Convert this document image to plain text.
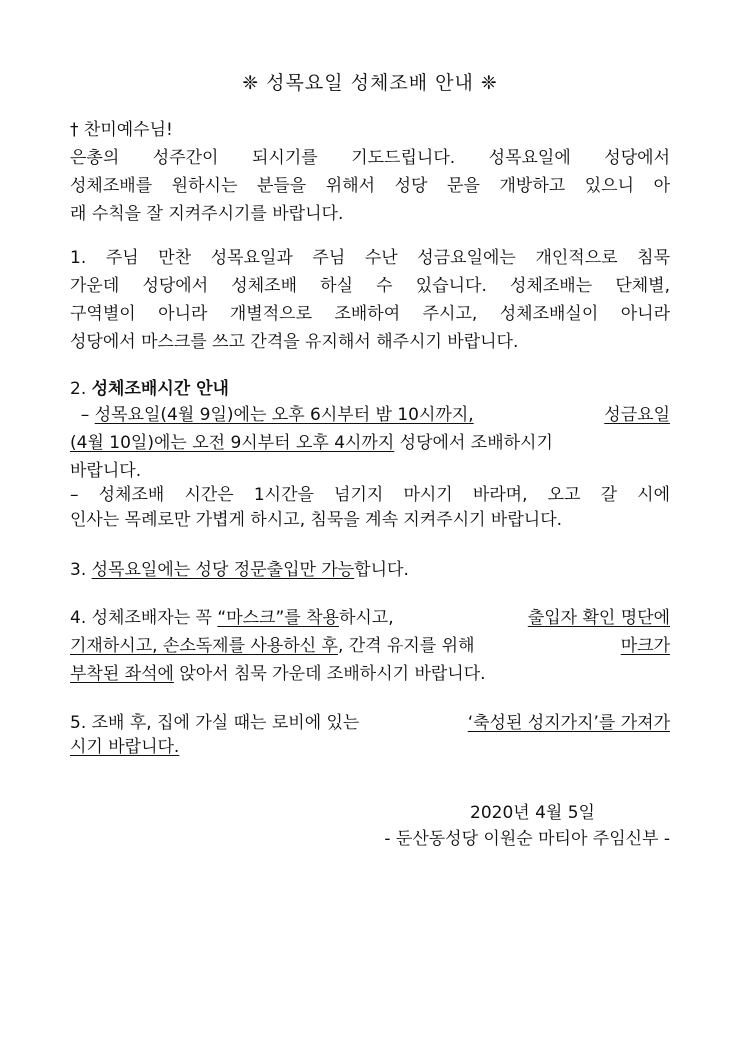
❈ 성목요일 성체조배 안내 ❈
† 찬미예수님!
은총의 성주간이 되시기를 기도드립니다. 성목요일에 성당에서
성체조배를 원하시는 분들을 위해서 성당 문을 개방하고 있으니 아
래 수칙을 잘 지켜주시기를 바랍니다.
1. 주님 만찬 성목요일과 주님 수난 성금요일에는 개인적으로 침묵
가운데 성당에서 성체조배 하실 수 있습니다. 성체조배는 단체별,
구역별이 아니라 개별적으로 조배하여 주시고, 성체조배실이 아니라
성당에서 마스크를 쓰고 간격을 유지해서 해주시기 바랍니다.
2. 성체조배시간 안내
– 성목요일(4월 9일)에는 오후 6시부터 밤 10시까지,	성금요일
(4월 10일)에는 오전 9시부터 오후 4시까지 성당에서 조배하시기
바랍니다.
– 성체조배 시간은 1시간을 넘기지 마시기 바라며, 오고 갈 시에
인사는 목례로만 가볍게 하시고, 침묵을 계속 지켜주시기 바랍니다.
3. 성목요일에는 성당 정문출입만 가능합니다.
4. 성체조배자는 꼭 “마스크”를 착용하시고,	출입자 확인 명단에
기재하시고, 손소독제를 사용하신 후, 간격 유지를 위해	마크가
부착된 좌석에 앉아서 침묵 가운데 조배하시기 바랍니다.
5. 조배 후, 집에 가실 때는 로비에 있는	‘축성된 성지가지’를 가져가
시기 바랍니다.
2020년 4월 5일
- 둔산동성당 이원순 마티아 주임신부 -
